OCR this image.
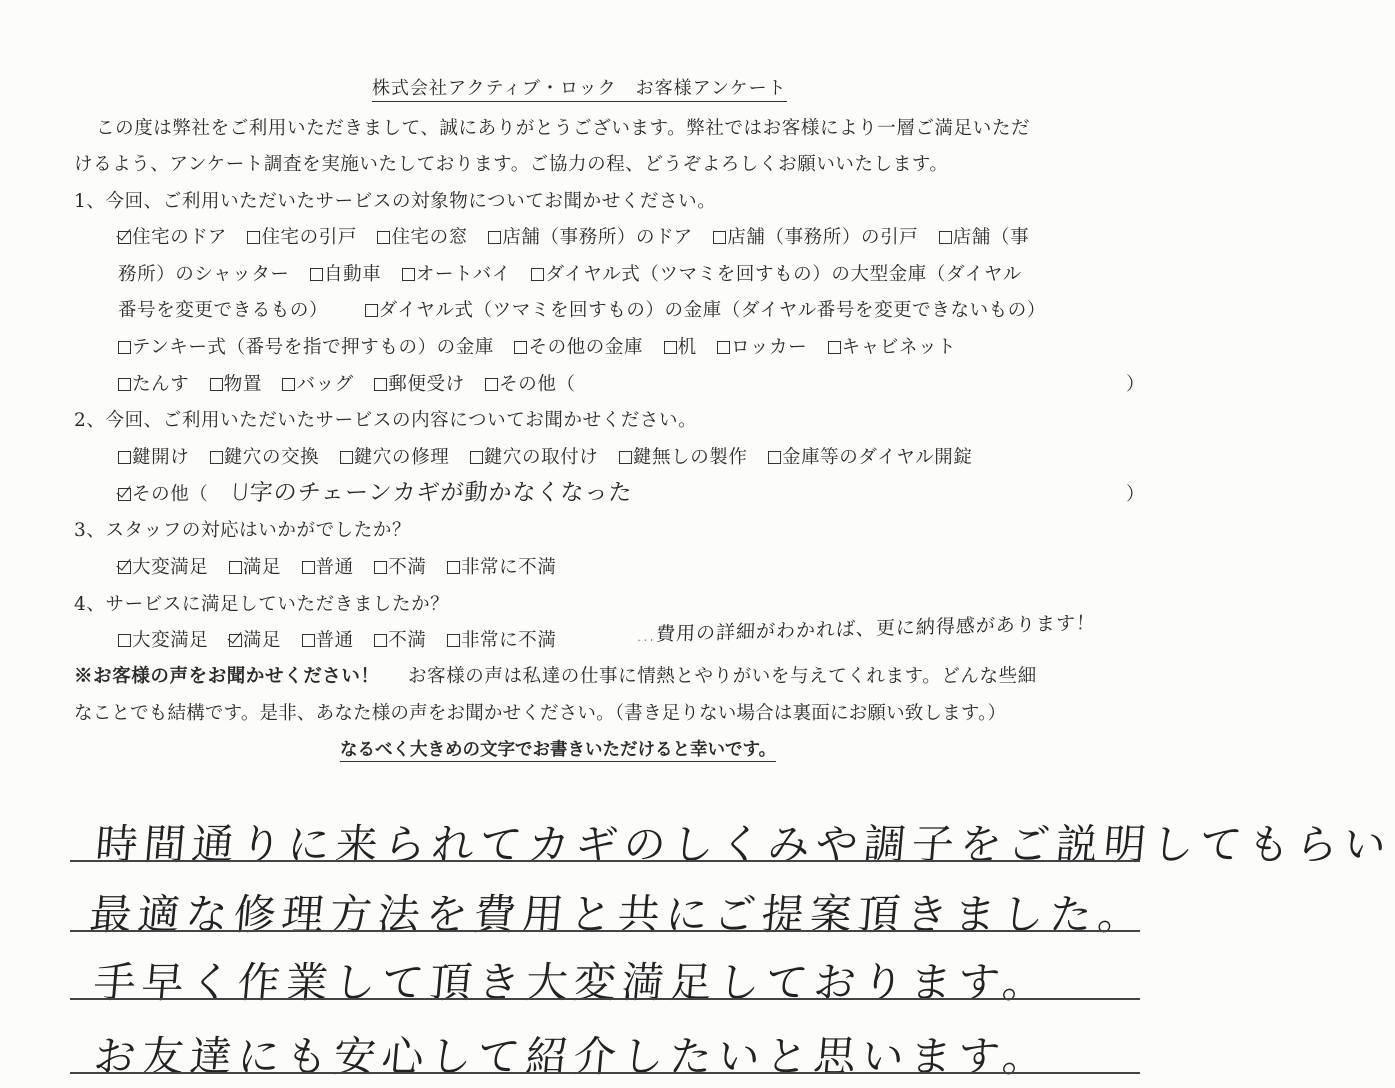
株式会社アクティブ・ロック　お客様アンケート
この度は弊社をご利用いただきまして、誠にありがとうございます。弊社ではお客様により一層ご満足いただ
けるよう、アンケート調査を実施いたしております。ご協力の程、どうぞよろしくお願いいたします。
1、今回、ご利用いただいたサービスの対象物についてお聞かせください。
住宅のドア 住宅の引戸 住宅の窓 店舗（事務所）のドア 店舗（事務所）の引戸 店舗（事
務所）のシャッター 自動車 オートバイ ダイヤル式（ツマミを回すもの）の大型金庫（ダイヤル
番号を変更できるもの）	ダイヤル式（ツマミを回すもの）の金庫（ダイヤル番号を変更できないもの）
テンキー式（番号を指で押すもの）の金庫 その他の金庫 机 ロッカー キャビネット
たんす 物置 バッグ 郵便受け その他（	）
2、今回、ご利用いただいたサービスの内容についてお聞かせください。
鍵開け 鍵穴の交換 鍵穴の修理 鍵穴の取付け 鍵無しの製作 金庫等のダイヤル開錠
その他（ U字のチェーンカギが動かなくなった	）
3、スタッフの対応はいかがでしたか？
大変満足 満足 普通 不満 非常に不満
4、サービスに満足していただきましたか？
大変満足 満足 普通 不満 非常に不満	…費用の詳細がわかれば、更に納得感があります！
※お客様の声をお聞かせください！ お客様の声は私達の仕事に情熱とやりがいを与えてくれます。どんな些細
なことでも結構です。是非、あなた様の声をお聞かせください。（書き足りない場合は裏面にお願い致します。）
なるべく大きめの文字でお書きいただけると幸いです。
時間通りに来られてカギのしくみや調子をご説明してもらい
最適な修理方法を費用と共にご提案頂きました。
手早く作業して頂き大変満足しております。
お友達にも安心して紹介したいと思います。
